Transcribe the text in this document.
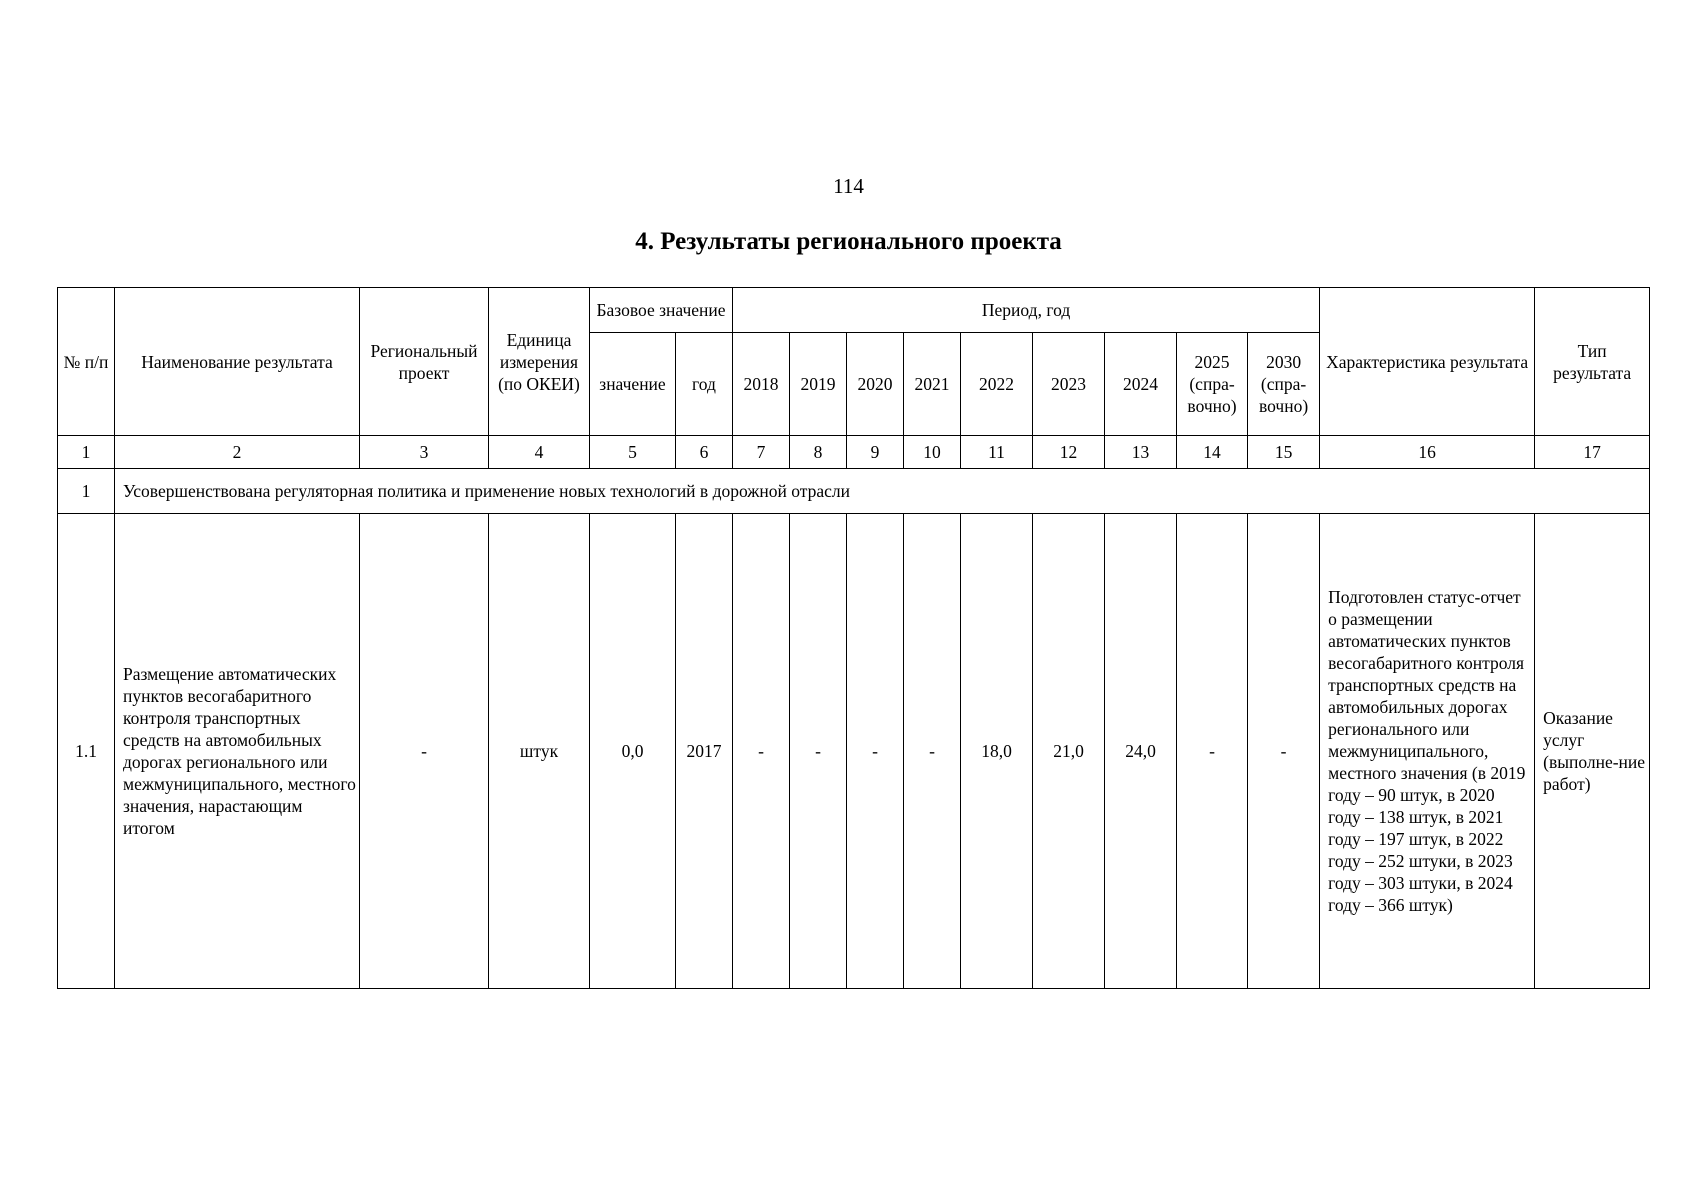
114
4. Результаты регионального проекта
№ п/п	Наименование результата	Региональный проект	Единица измерения (по ОКЕИ)	Базовое значение		Период, год									Характеристика результата	Тип результата
				значение	год	2018	2019	2020	2021	2022	2023	2024	2025 (спра-вочно)	2030 (спра-вочно)		
1	2	3	4	5	6	7	8	9	10	11	12	13	14	15	16	17
1	Усовершенствована регуляторная политика и применение новых технологий в дорожной отрасли															
1.1	Размещение автоматических пунктов весогабаритного контроля транспортных средств на автомобильных дорогах регионального или межмуниципального, местного значения, нарастающим итогом	-	штук	0,0	2017	-	-	-	-	18,0	21,0	24,0	-	-	Подготовлен статус-отчет о размещении автоматических пунктов весогабаритного контроля транспортных средств на автомобильных дорогах регионального или межмуниципального, местного значения (в 2019 году – 90 штук, в 2020 году – 138 штук, в 2021 году – 197 штук, в 2022 году – 252 штуки, в 2023 году – 303 штуки, в 2024 году – 366 штук)	Оказание услуг (выполне-ние работ)
